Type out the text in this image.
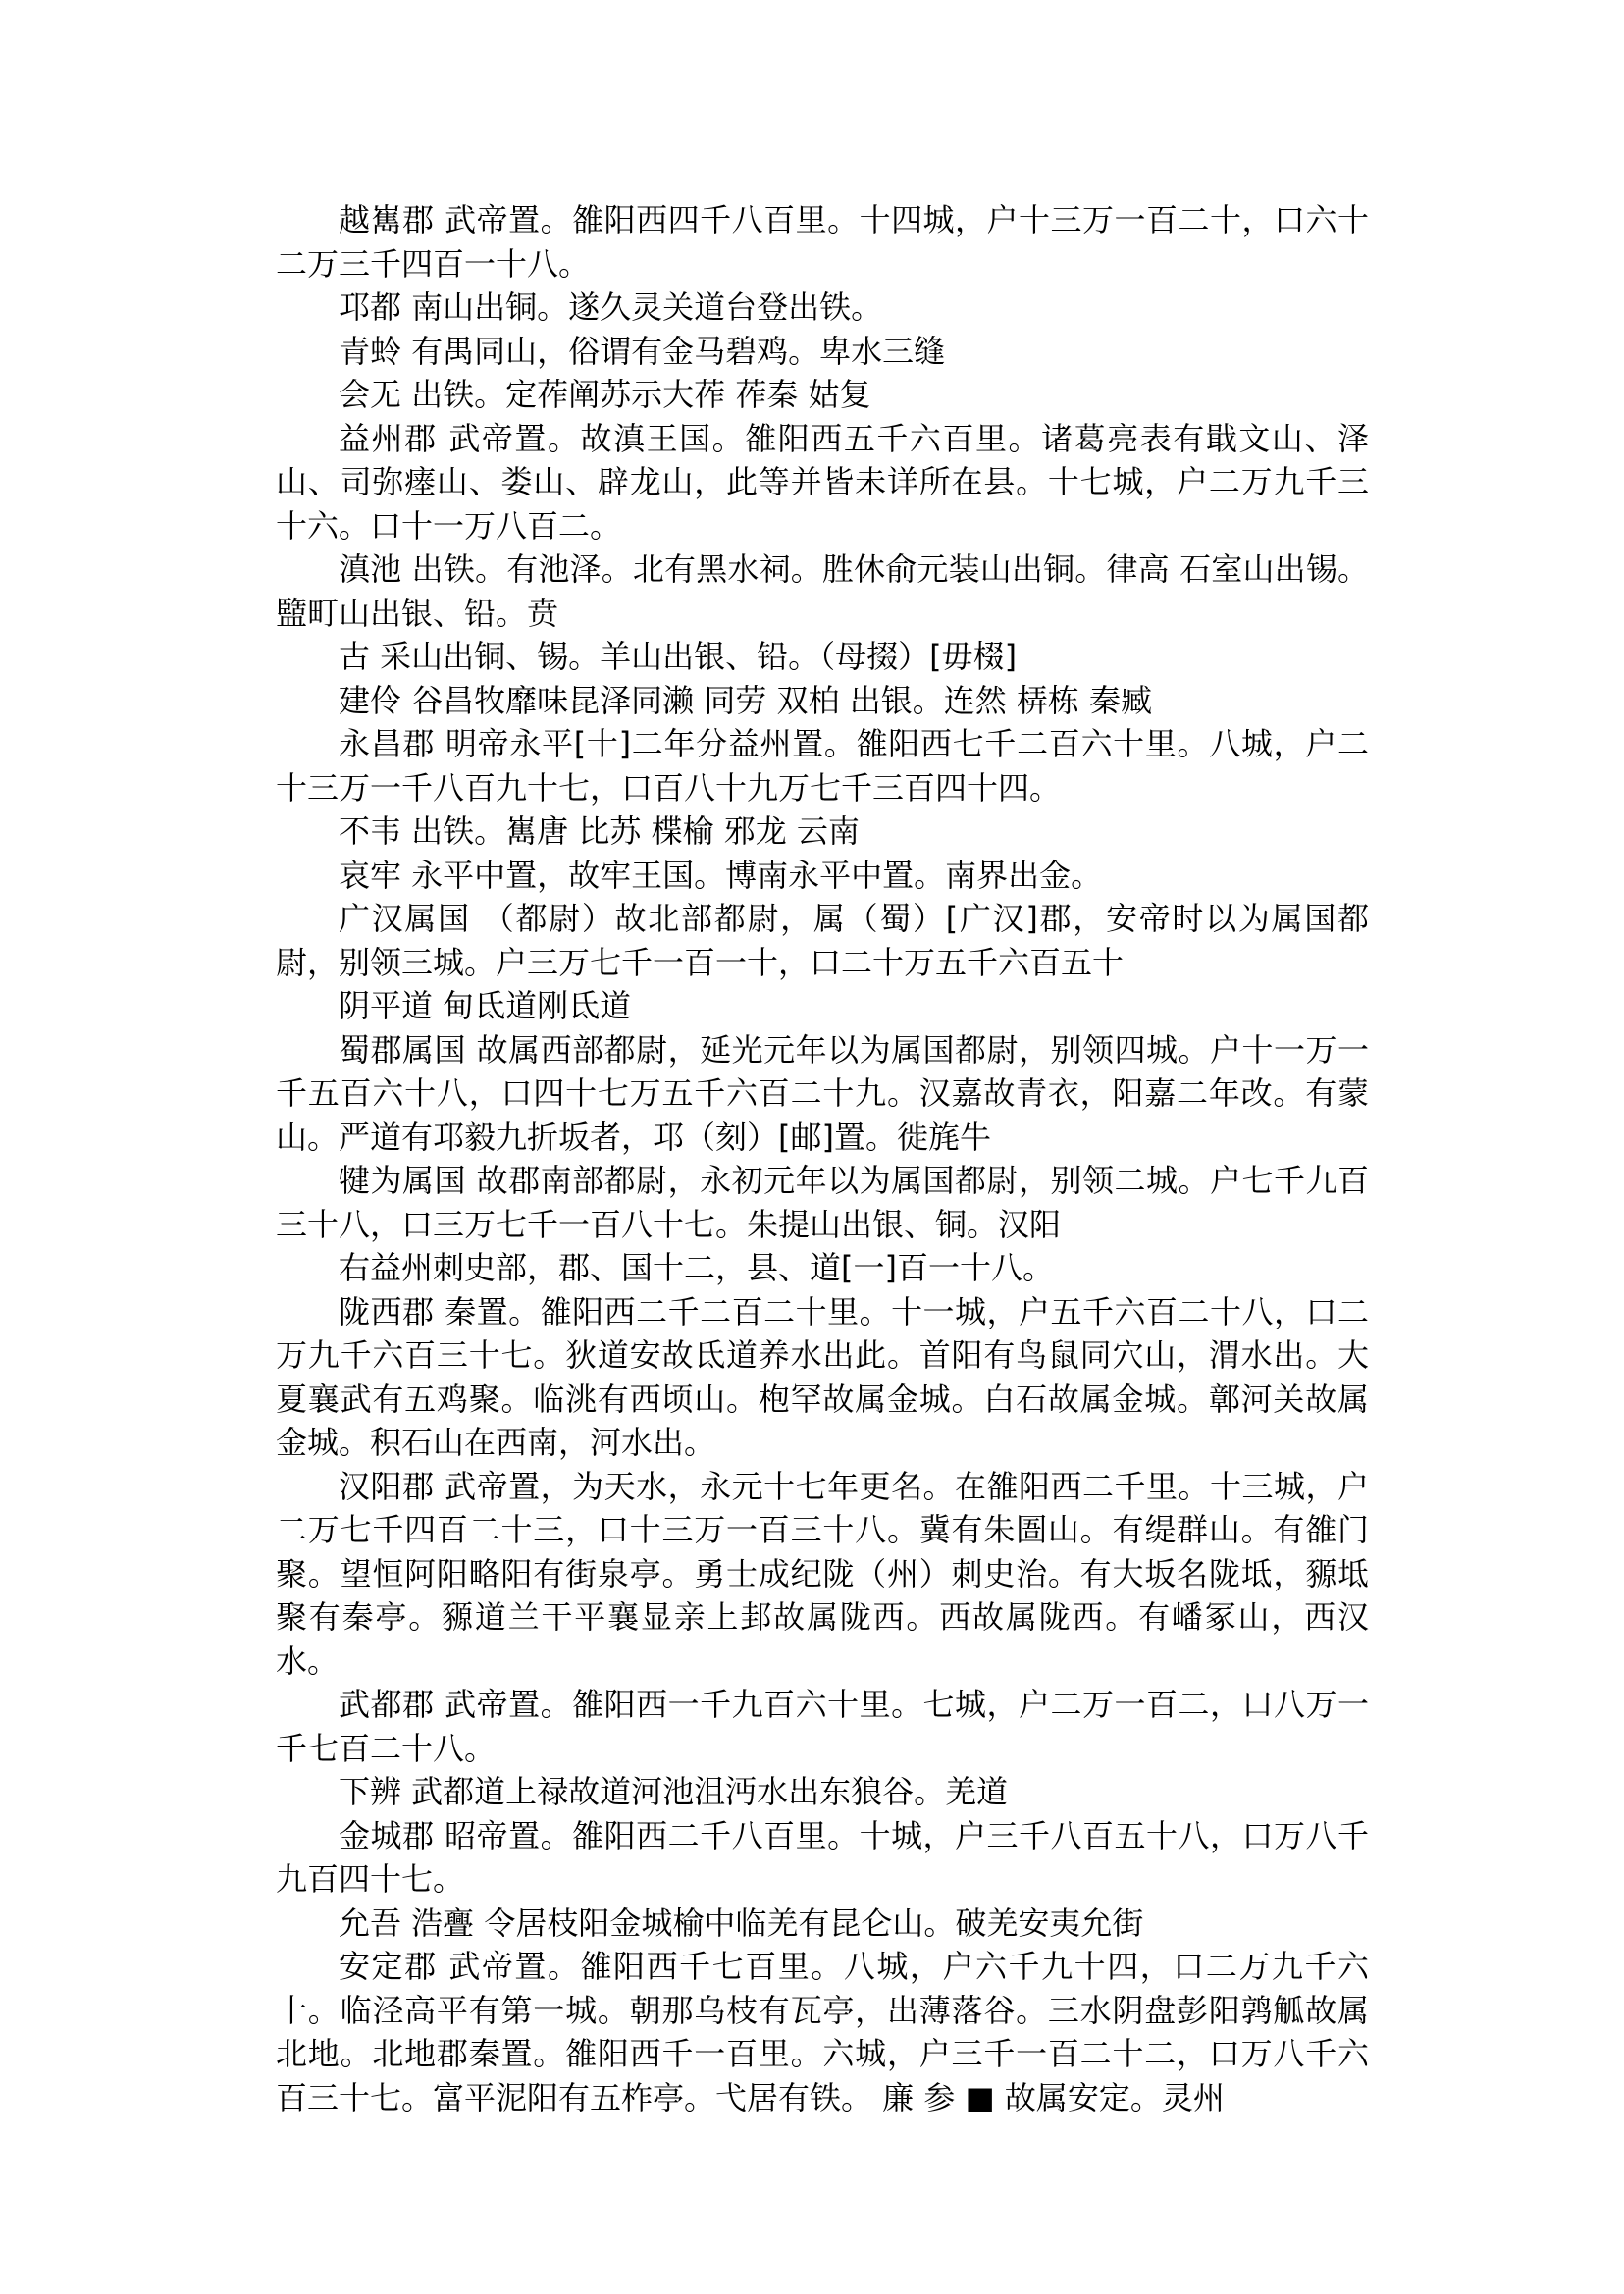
越嶲郡 武帝置。雒阳西四千八百里。十四城，户十三万一百二十，口六十二万三千四百一十八。

邛都 南山出铜。遂久灵关道台登出铁。

青蛉 有禺同山，俗谓有金马碧鸡。卑水三缝

会无 出铁。定莋阐苏示大莋 莋秦 姑复

益州郡 武帝置。故滇王国。雒阳西五千六百里。诸葛亮表有戢文山、泽山、司弥瘗山、娄山、辟龙山，此等并皆未详所在县。十七城，户二万九千三十六。口十一万八百二。

滇池 出铁。有池泽。北有黑水祠。胜休俞元装山出铜。律高 石室山出锡。盬町山出银、铅。贲

古 采山出铜、锡。羊山出银、铅。（母掇）[毋棳]

建伶 谷昌牧靡味昆泽同濑 同劳 双柏 出银。连然 梇栋 秦臧

永昌郡 明帝永平[十]二年分益州置。雒阳西七千二百六十里。八城，户二十三万一千八百九十七，口百八十九万七千三百四十四。

不韦 出铁。嶲唐 比苏 楪榆 邪龙 云南

哀牢 永平中置，故牢王国。博南永平中置。南界出金。

广汉属国 （都尉）故北部都尉，属（蜀）[广汉]郡，安帝时以为属国都尉，别领三城。户三万七千一百一十，口二十万五千六百五十

阴平道 甸氐道刚氐道

蜀郡属国 故属西部都尉，延光元年以为属国都尉，别领四城。户十一万一千五百六十八，口四十七万五千六百二十九。汉嘉故青衣，阳嘉二年改。有蒙山。严道有邛毅九折坂者，邛（刻）[邮]置。徙旄牛

犍为属国 故郡南部都尉，永初元年以为属国都尉，别领二城。户七千九百三十八，口三万七千一百八十七。朱提山出银、铜。汉阳

右益州刺史部，郡、国十二，县、道[一]百一十八。

陇西郡 秦置。雒阳西二千二百二十里。十一城，户五千六百二十八，口二万九千六百三十七。狄道安故氐道养水出此。首阳有鸟鼠同穴山，渭水出。大夏襄武有五鸡聚。临洮有西顷山。枹罕故属金城。白石故属金城。鄣河关故属金城。积石山在西南，河水出。

汉阳郡 武帝置，为天水，永元十七年更名。在雒阳西二千里。十三城，户二万七千四百二十三，口十三万一百三十八。冀有朱圄山。有缇群山。有雒门聚。望恒阿阳略阳有街泉亭。勇士成纪陇（州）刺史治。有大坂名陇坻，豲坻聚有秦亭。豲道兰干平襄显亲上邽故属陇西。西故属陇西。有嶓冢山，西汉水。

武都郡 武帝置。雒阳西一千九百六十里。七城，户二万一百二，口八万一千七百二十八。

下辨 武都道上禄故道河池沮沔水出东狼谷。羌道

金城郡 昭帝置。雒阳西二千八百里。十城，户三千八百五十八，口万八千九百四十七。

允吾 浩亹 令居枝阳金城榆中临羌有昆仑山。破羌安夷允街

安定郡 武帝置。雒阳西千七百里。八城，户六千九十四，口二万九千六十。临泾高平有第一城。朝那乌枝有瓦亭，出薄落谷。三水阴盘彭阳鹑觚故属北地。北地郡秦置。雒阳西千一百里。六城，户三千一百二十二，口万八千六百三十七。富平泥阳有五柞亭。弋居有铁。 廉 参 ■ 故属安定。灵州
